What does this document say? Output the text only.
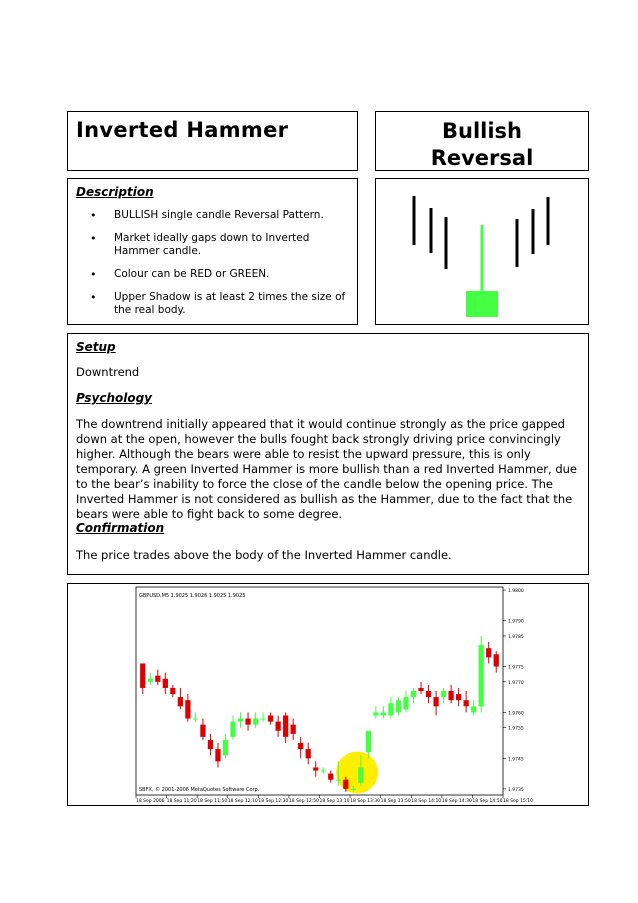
Inverted Hammer	Bullish
Reversal
Description
• BULLISH single candle Reversal Pattern.
• Market ideally gaps down to Inverted Hammer candle.
• Colour can be RED or GREEN.
• Upper Shadow is at least 2 times the size of the real body.
Setup
Downtrend
Psychology
The downtrend initially appeared that it would continue strongly as the price gapped down at the open, however the bulls fought back strongly driving price convincingly higher. Although the bears were able to resist the upward pressure, this is only temporary. A green Inverted Hammer is more bullish than a red Inverted Hammer, due to the bear’s inability to force the close of the candle below the opening price. The Inverted Hammer is not considered as bullish as the Hammer, due to the fact that the bears were able to fight back to some degree.
Confirmation
The price trades above the body of the Inverted Hammer candle.
1.9800
1.9790
1.9785
1.9775
1.9770
1.9760
1.9755
1.9745
1.9735
18 Sep 2006 18 Sep 11:20 18 Sep 11:50 18 Sep 12:10 18 Sep 12:30 18 Sep 12:50 18 Sep 13:10 18 Sep 13:30 18 Sep 13:50 18 Sep 14:10 18 Sep 14:30 18 Sep 14:50 18 Sep 15:10
GBPUSD,M5 1.9025 1.9026 1.9025 1.9025
SBFX, © 2001-2006 MetaQuotes Software Corp.
